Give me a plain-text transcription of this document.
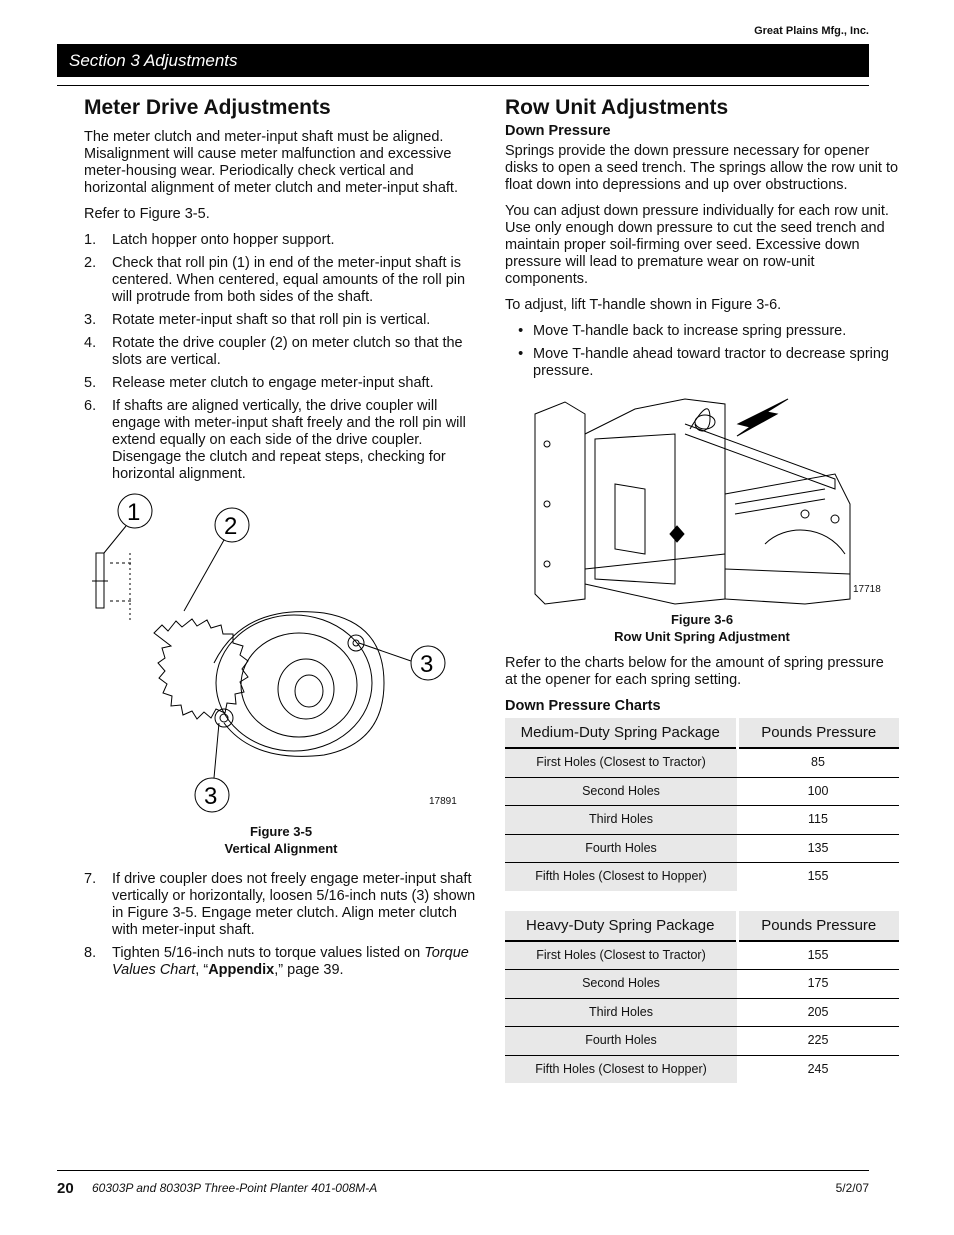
Great Plains Mfg., Inc.
Section 3 Adjustments
Meter Drive Adjustments

The meter clutch and meter-input shaft must be aligned. Misalignment will cause meter malfunction and excessive meter-housing wear. Periodically check vertical and horizontal alignment of meter clutch and meter-input shaft.

Refer to Figure 3-5.

1. Latch hopper onto hopper support.
2. Check that roll pin (1) in end of the meter-input shaft is centered. When centered, equal amounts of the roll pin will protrude from both sides of the shaft.
3. Rotate meter-input shaft so that roll pin is vertical.
4. Rotate the drive coupler (2) on meter clutch so that the slots are vertical.
5. Release meter clutch to engage meter-input shaft.
6. If shafts are aligned vertically, the drive coupler will engage with meter-input shaft freely and the roll pin will extend equally on each side of the drive coupler. Disengage the clutch and repeat steps, checking for horizontal alignment.
1
2
3
3	17891
Figure 3-5
Vertical Alignment
7. If drive coupler does not freely engage meter-input shaft vertically or horizontally, loosen 5/16-inch nuts (3) shown in Figure 3-5. Engage meter clutch. Align meter clutch with meter-input shaft.
8. Tighten 5/16-inch nuts to torque values listed on Torque Values Chart, “Appendix,” page 39.
Row Unit Adjustments
Down Pressure

Springs provide the down pressure necessary for opener disks to open a seed trench. The springs allow the row unit to float down into depressions and up over obstructions.

You can adjust down pressure individually for each row unit. Use only enough down pressure to cut the seed trench and maintain proper soil-firming over seed. Excessive down pressure will lead to premature wear on row-unit components.

To adjust, lift T-handle shown in Figure 3-6.

• Move T-handle back to increase spring pressure.
• Move T-handle ahead toward tractor to decrease spring pressure.
17718
Figure 3-6
Row Unit Spring Adjustment

Refer to the charts below for the amount of spring pressure at the opener for each spring setting.

Down Pressure Charts
Medium-Duty Spring Package	Pounds Pressure
First Holes (Closest to Tractor)	85
Second Holes	100
Third Holes	115
Fourth Holes	135
Fifth Holes (Closest to Hopper)	155
Heavy-Duty Spring Package	Pounds Pressure
First Holes (Closest to Tractor)	155
Second Holes	175
Third Holes	205
Fourth Holes	225
Fifth Holes (Closest to Hopper)	245
20 60303P and 80303P Three-Point Planter 401-008M-A	5/2/07
